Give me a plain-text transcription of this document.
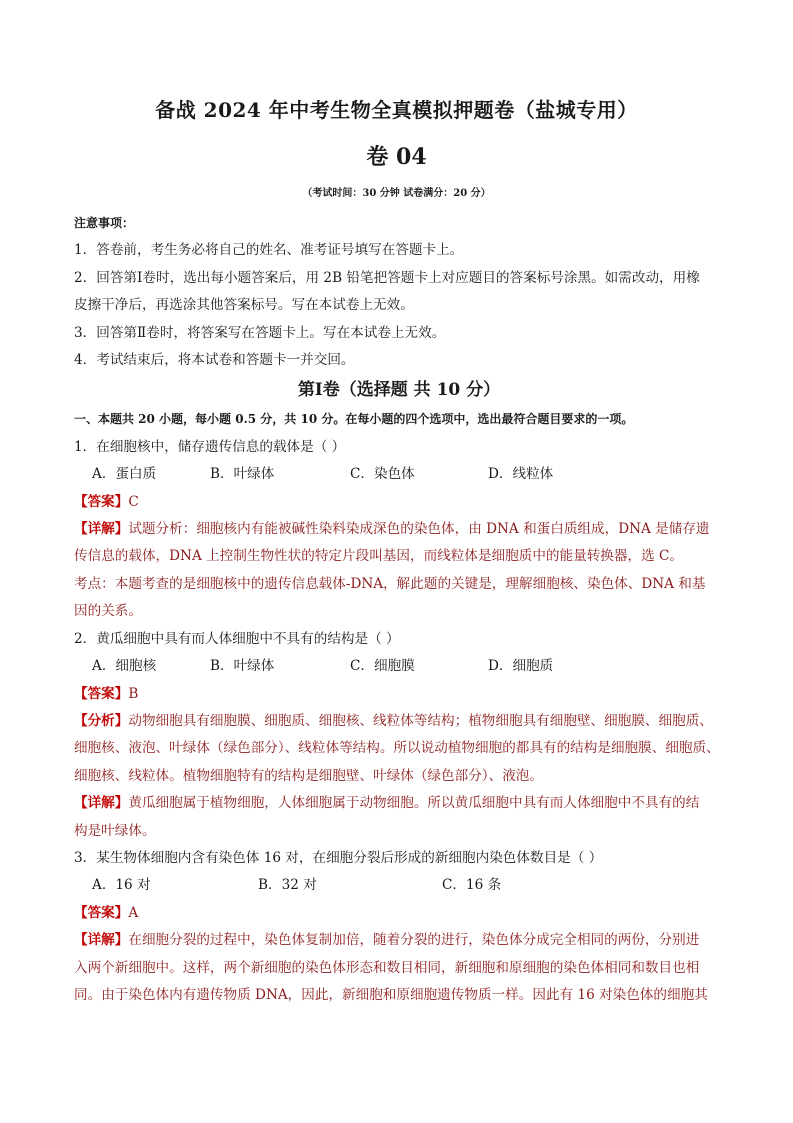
备战 2024 年中考生物全真模拟押题卷（盐城专用）
卷 04
（考试时间：30 分钟 试卷满分：20 分）

注意事项：

1．答卷前，考生务必将自己的姓名、准考证号填写在答题卡上。

2．回答第Ⅰ卷时，选出每小题答案后，用 2B 铅笔把答题卡上对应题目的答案标号涂黑。如需改动，用橡

皮擦干净后，再选涂其他答案标号。写在本试卷上无效。

3．回答第Ⅱ卷时，将答案写在答题卡上。写在本试卷上无效。

4．考试结束后，将本试卷和答题卡一并交回。

第Ⅰ卷（选择题 共 10 分）

一、本题共 20 小题，每小题 0.5 分，共 10 分。在每小题的四个选项中，选出最符合题目要求的一项。

1．在细胞核中，储存遗传信息的载体是（ ）

A．蛋白质	B．叶绿体	C．染色体	D．线粒体

【答案】C

【详解】试题分析：细胞核内有能被碱性染料染成深色的染色体，由 DNA 和蛋白质组成，DNA 是储存遗

传信息的载体，DNA 上控制生物性状的特定片段叫基因，而线粒体是细胞质中的能量转换器，选 C。

考点：本题考查的是细胞核中的遗传信息载体-DNA，解此题的关键是，理解细胞核、染色体、DNA 和基

因的关系。

2．黄瓜细胞中具有而人体细胞中不具有的结构是（ ）

A．细胞核	B．叶绿体	C．细胞膜	D．细胞质

【答案】B

【分析】动物细胞具有细胞膜、细胞质、细胞核、线粒体等结构；植物细胞具有细胞壁、细胞膜、细胞质、

细胞核、液泡、叶绿体（绿色部分）、线粒体等结构。所以说动植物细胞的都具有的结构是细胞膜、细胞质、

细胞核、线粒体。植物细胞特有的结构是细胞壁、叶绿体（绿色部分）、液泡。

【详解】黄瓜细胞属于植物细胞，人体细胞属于动物细胞。所以黄瓜细胞中具有而人体细胞中不具有的结

构是叶绿体。

3．某生物体细胞内含有染色体 16 对，在细胞分裂后形成的新细胞内染色体数目是（ ）

A．16 对	B．32 对	C．16 条

【答案】A

【详解】在细胞分裂的过程中，染色体复制加倍，随着分裂的进行，染色体分成完全相同的两份，分别进

入两个新细胞中。这样，两个新细胞的染色体形态和数目相同，新细胞和原细胞的染色体相同和数目也相

同。由于染色体内有遗传物质 DNA，因此，新细胞和原细胞遗传物质一样。因此有 16 对染色体的细胞其
